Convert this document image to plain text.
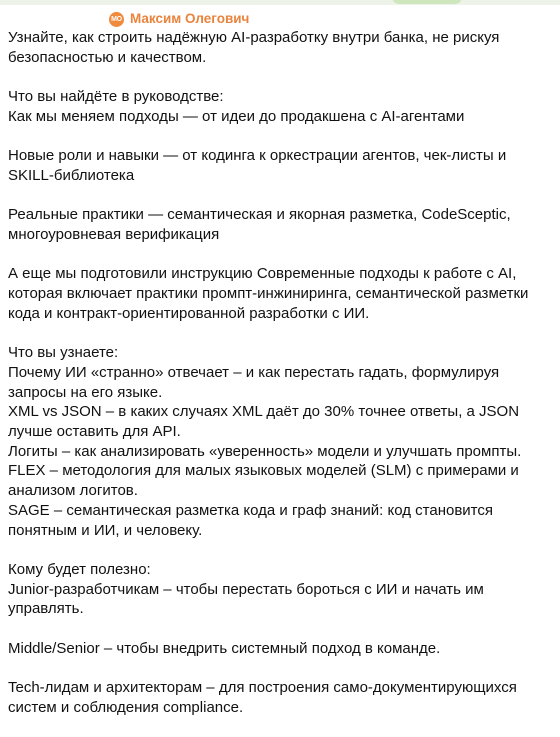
МО Максим Олегович

Узнайте, как строить надёжную AI-разработку внутри банка, не рискуя
безопасностью и качеством.

Что вы найдёте в руководстве:
Как мы меняем подходы — от идеи до продакшена с AI-агентами

Новые роли и навыки — от кодинга к оркестрации агентов, чек-листы и
SKILL-библиотека

Реальные практики — семантическая и якорная разметка, CodeSceptic,
многоуровневая верификация

А еще мы подготовили инструкцию Современные подходы к работе с AI,
которая включает практики промпт-инжиниринга, семантической разметки
кода и контракт-ориентированной разработки с ИИ.

Что вы узнаете:
Почему ИИ «странно» отвечает – и как перестать гадать, формулируя
запросы на его языке.
XML vs JSON – в каких случаях XML даёт до 30% точнее ответы, а JSON
лучше оставить для API.
Логиты – как анализировать «уверенность» модели и улучшать промпты.
FLEX – методология для малых языковых моделей (SLM) с примерами и
анализом логитов.
SAGE – семантическая разметка кода и граф знаний: код становится
понятным и ИИ, и человеку.

Кому будет полезно:
Junior-разработчикам – чтобы перестать бороться с ИИ и начать им
управлять.

Middle/Senior – чтобы внедрить системный подход в команде.

Tech-лидам и архитекторам – для построения само-документирующихся
систем и соблюдения compliance.
